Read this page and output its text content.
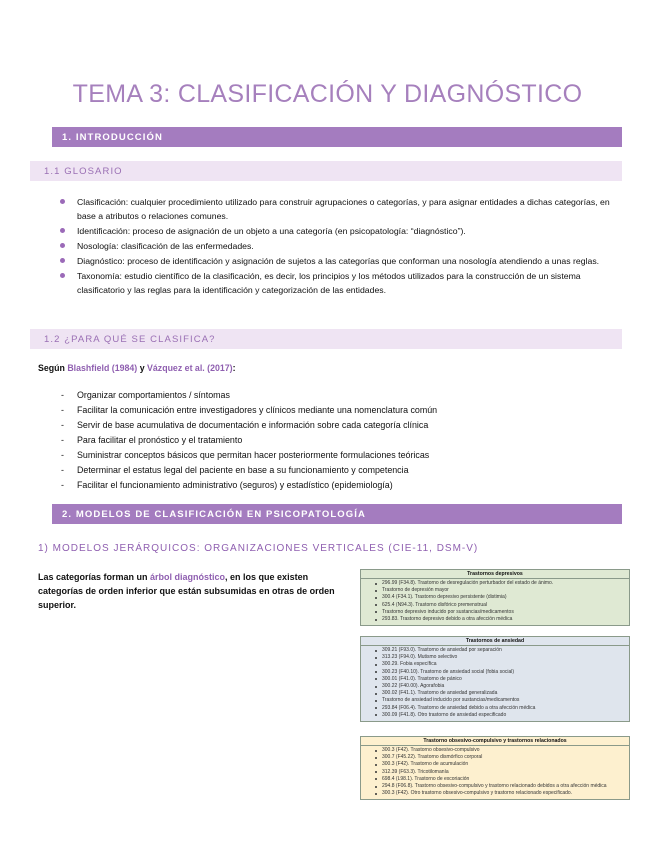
TEMA 3: CLASIFICACIÓN Y DIAGNÓSTICO
1. INTRODUCCIÓN
1.1 GLOSARIO
Clasificación: cualquier procedimiento utilizado para construir agrupaciones o categorías, y para asignar entidades a dichas categorías, en base a atributos o relaciones comunes.
Identificación: proceso de asignación de un objeto a una categoría (en psicopatología: “diagnóstico”).
Nosología: clasificación de las enfermedades.
Diagnóstico: proceso de identificación y asignación de sujetos a las categorías que conforman una nosología atendiendo a unas reglas.
Taxonomía: estudio científico de la clasificación, es decir, los principios y los métodos utilizados para la construcción de un sistema clasificatorio y las reglas para la identificación y categorización de las entidades.
1.2 ¿PARA QUÉ SE CLASIFICA?
Según Blashfield (1984) y Vázquez et al. (2017):
- Organizar comportamientos / síntomas
- Facilitar la comunicación entre investigadores y clínicos mediante una nomenclatura común
- Servir de base acumulativa de documentación e información sobre cada categoría clínica
- Para facilitar el pronóstico y el tratamiento
- Suministrar conceptos básicos que permitan hacer posteriormente formulaciones teóricas
- Determinar el estatus legal del paciente en base a su funcionamiento y competencia
- Facilitar el funcionamiento administrativo (seguros) y estadístico (epidemiología)
2. MODELOS DE CLASIFICACIÓN EN PSICOPATOLOGÍA
1) MODELOS JERÁRQUICOS: ORGANIZACIONES VERTICALES (CIE-11, DSM-V)
Las categorías forman un árbol diagnóstico, en los que existen categorías de orden inferior que están subsumidas en otras de orden superior.
Trastornos depresivos
296.99 (F34.8). Trastorno de desregulación perturbador del estado de ánimo.
Trastorno de depresión mayor
300.4 (F34.1). Trastorno depresivo persistente (distimia)
625.4 (N94.3). Trastorno disfórico premenstrual
Trastorno depresivo inducido por sustancias/medicamentos
293.83. Trastorno depresivo debido a otra afección médica
Trastornos de ansiedad
309.21 (F93.0). Trastorno de ansiedad por separación
313.23 (F94.0). Mutismo selectivo
300.29. Fobia específica
300.23 (F40.10). Trastorno de ansiedad social (fobia social)
300.01 (F41.0). Trastorno de pánico
300.22 (F40.00). Agorafobia
300.02 (F41.1). Trastorno de ansiedad generalizada
Trastorno de ansiedad inducido por sustancias/medicamentos
293.84 (F06.4). Trastorno de ansiedad debido a otra afección médica
300.09 (F41.8). Otro trastorno de ansiedad especificado
Trastorno obsesivo-compulsivo y trastornos relacionados
300.3 (F42). Trastorno obsesivo-compulsivo
300.7 (F45.22). Trastorno dismórfico corporal
300.3 (F42). Trastorno de acumulación
312.39 (F63.3). Tricotilomanía
698.4 (L98.1). Trastorno de excoriación
294.8 (F06.8). Trastorno obsesivo-compulsivo y trastorno relacionado debidos a otra afección médica
300.3 (F42). Otro trastorno obsesivo-compulsivo y trastorno relacionado especificado.
